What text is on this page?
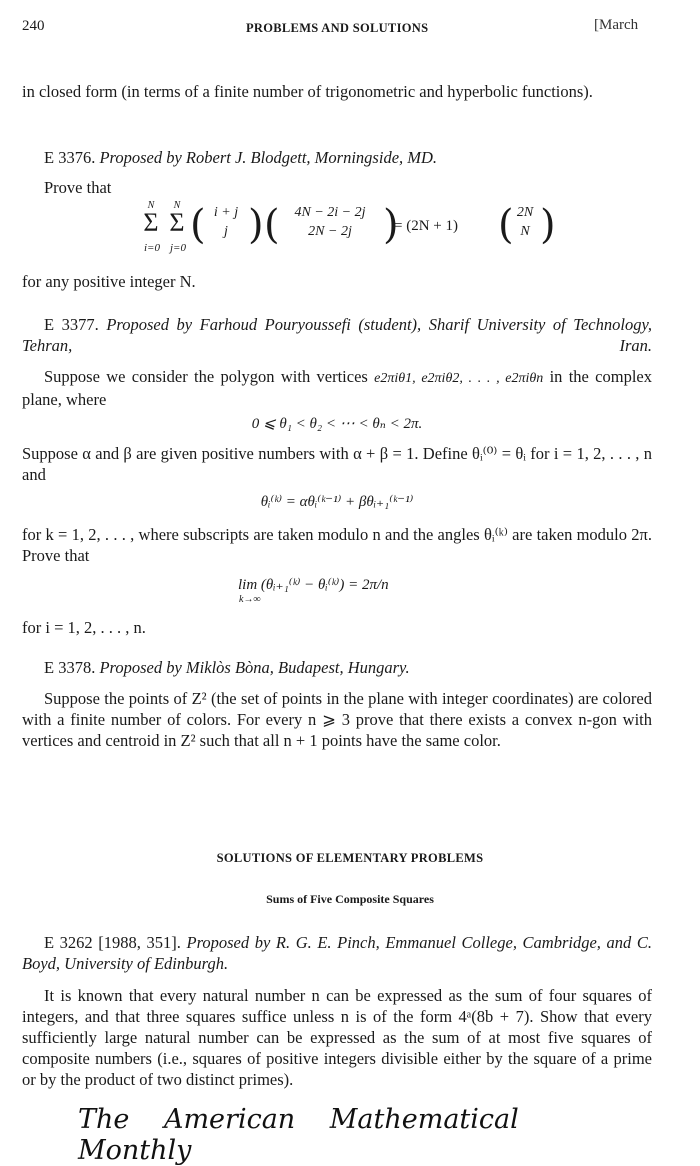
240	PROBLEMS AND SOLUTIONS	[March
in closed form (in terms of a finite number of trigonometric and hyperbolic functions).
E 3376. Proposed by Robert J. Blodgett, Morningside, MD.
Prove that
N
Σ
i=0
N
Σ
j=0 ( i + j
j ) (	4N − 2i − 2j
2N − 2j )
= (2N + 1) ( 2N
N )
for any positive integer N.
E 3377. Proposed by Farhoud Pouryoussefi (student), Sharif University of Technology, Tehran, Iran.
Suppose we consider the polygon with vertices e2πiθ1, e2πiθ2, . . . , e2πiθn in the complex plane, where
0 ⩽ θ₁ < θ₂ < ⋯ < θₙ < 2π.
Suppose α and β are given positive numbers with α + β = 1. Define θᵢ⁽⁰⁾ = θᵢ for i = 1, 2, . . . , n and
θᵢ⁽ᵏ⁾ = αθᵢ⁽ᵏ⁻¹⁾ + βθᵢ₊₁⁽ᵏ⁻¹⁾
for k = 1, 2, . . . , where subscripts are taken modulo n and the angles θᵢ⁽ᵏ⁾ are taken modulo 2π. Prove that
lim (θᵢ₊₁⁽ᵏ⁾ − θᵢ⁽ᵏ⁾) = 2π/n
k→∞
for i = 1, 2, . . . , n.
E 3378. Proposed by Miklòs Bòna, Budapest, Hungary.
Suppose the points of Z² (the set of points in the plane with integer coordinates) are colored with a finite number of colors. For every n ⩾ 3 prove that there exists a convex n-gon with vertices and centroid in Z² such that all n + 1 points have the same color.
SOLUTIONS OF ELEMENTARY PROBLEMS
Sums of Five Composite Squares
E 3262 [1988, 351]. Proposed by R. G. E. Pinch, Emmanuel College, Cambridge, and C. Boyd, University of Edinburgh.
It is known that every natural number n can be expressed as the sum of four squares of integers, and that three squares suffice unless n is of the form 4ᵃ(8b + 7). Show that every sufficiently large natural number can be expressed as the sum of at most five squares of composite numbers (i.e., squares of positive integers divisible either by the square of a prime or by the product of two distinct primes).
The American Mathematical Monthly
